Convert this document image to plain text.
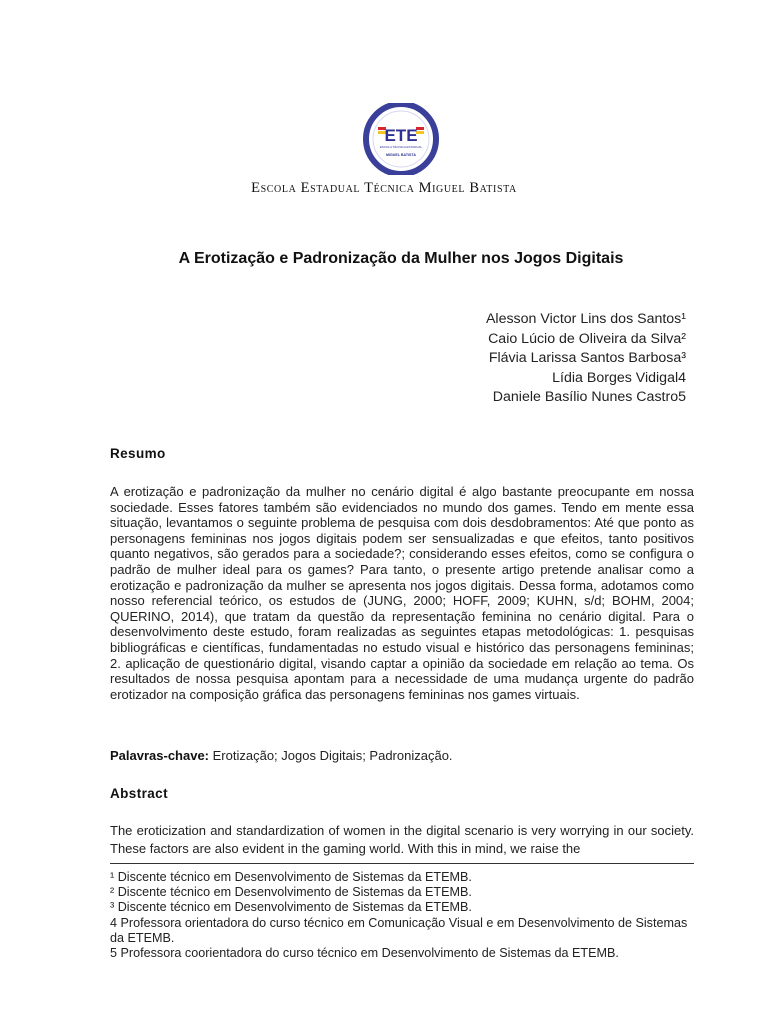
ETE
ESCOLA TÉCNICA ESTADUAL
MIGUEL BATISTA
Escola Estadual Técnica Miguel Batista
A Erotização e Padronização da Mulher nos Jogos Digitais
Alesson Victor Lins dos Santos¹
Caio Lúcio de Oliveira da Silva²
Flávia Larissa Santos Barbosa³
Lídia Borges Vidigal4
Daniele Basílio Nunes Castro5
Resumo
A erotização e padronização da mulher no cenário digital é algo bastante preocupante em nossa sociedade. Esses fatores também são evidenciados no mundo dos games. Tendo em mente essa situação, levantamos o seguinte problema de pesquisa com dois desdobramentos: Até que ponto as personagens femininas nos jogos digitais podem ser sensualizadas e que efeitos, tanto positivos quanto negativos, são gerados para a sociedade?; considerando esses efeitos, como se configura o padrão de mulher ideal para os games? Para tanto, o presente artigo pretende analisar como a erotização e padronização da mulher se apresenta nos jogos digitais. Dessa forma, adotamos como nosso referencial teórico, os estudos de (JUNG, 2000; HOFF, 2009; KUHN, s/d; BOHM, 2004; QUERINO, 2014), que tratam da questão da representação feminina no cenário digital. Para o desenvolvimento deste estudo, foram realizadas as seguintes etapas metodológicas: 1. pesquisas bibliográficas e científicas, fundamentadas no estudo visual e histórico das personagens femininas; 2. aplicação de questionário digital, visando captar a opinião da sociedade em relação ao tema. Os resultados de nossa pesquisa apontam para a necessidade de uma mudança urgente do padrão erotizador na composição gráfica das personagens femininas nos games virtuais.
Palavras-chave: Erotização; Jogos Digitais; Padronização.
Abstract
The eroticization and standardization of women in the digital scenario is very worrying in our society. These factors are also evident in the gaming world. With this in mind, we raise the
¹ Discente técnico em Desenvolvimento de Sistemas da ETEMB.
² Discente técnico em Desenvolvimento de Sistemas da ETEMB.
³ Discente técnico em Desenvolvimento de Sistemas da ETEMB.
4 Professora orientadora do curso técnico em Comunicação Visual e em Desenvolvimento de Sistemas da ETEMB.
5 Professora coorientadora do curso técnico em Desenvolvimento de Sistemas da ETEMB.
